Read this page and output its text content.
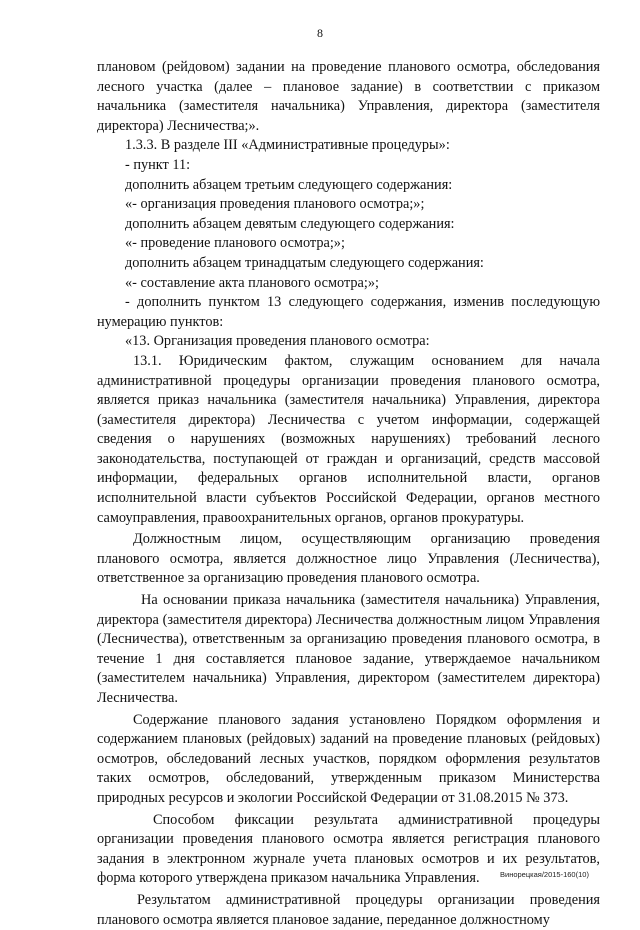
8

плановом (рейдовом) задании на проведение планового осмотра, обследования лесного участка (далее – плановое задание) в соответствии с приказом начальника (заместителя начальника) Управления, директора (заместителя директора) Лесничества;».

1.3.3. В разделе III «Административные процедуры»:

- пункт 11:

дополнить абзацем третьим следующего содержания:

«- организация проведения планового осмотра;»;

дополнить абзацем девятым следующего содержания:

«- проведение планового осмотра;»;

дополнить абзацем тринадцатым следующего содержания:

«- составление акта планового осмотра;»;

- дополнить пунктом 13 следующего содержания, изменив последующую нумерацию пунктов:

«13. Организация проведения планового осмотра:

13.1. Юридическим фактом, служащим основанием для начала административной процедуры организации проведения планового осмотра, является приказ начальника (заместителя начальника) Управления, директора (заместителя директора) Лесничества с учетом информации, содержащей сведения о нарушениях (возможных нарушениях) требований лесного законодательства, поступающей от граждан и организаций, средств массовой информации, федеральных органов исполнительной власти, органов исполнительной власти субъектов Российской Федерации, органов местного самоуправления, правоохранительных органов, органов прокуратуры.

Должностным лицом, осуществляющим организацию проведения планового осмотра, является должностное лицо Управления (Лесничества), ответственное за организацию проведения планового осмотра.

На основании приказа начальника (заместителя начальника) Управления, директора (заместителя директора) Лесничества должностным лицом Управления (Лесничества), ответственным за организацию проведения планового осмотра, в течение 1 дня составляется плановое задание, утверждаемое начальником (заместителем начальника) Управления, директором (заместителем директора) Лесничества.

Содержание планового задания установлено Порядком оформления и содержанием плановых (рейдовых) заданий на проведение плановых (рейдовых) осмотров, обследований лесных участков, порядком оформления результатов таких осмотров, обследований, утвержденным приказом Министерства природных ресурсов и экологии Российской Федерации от 31.08.2015 № 373.

Способом фиксации результата административной процедуры организации проведения планового осмотра является регистрация планового задания в электронном журнале учета плановых осмотров и их результатов, форма которого утверждена приказом начальника Управления.

Результатом административной процедуры организации проведения планового осмотра является плановое задание, переданное должностному

Винорецкая/2015-160(10)
